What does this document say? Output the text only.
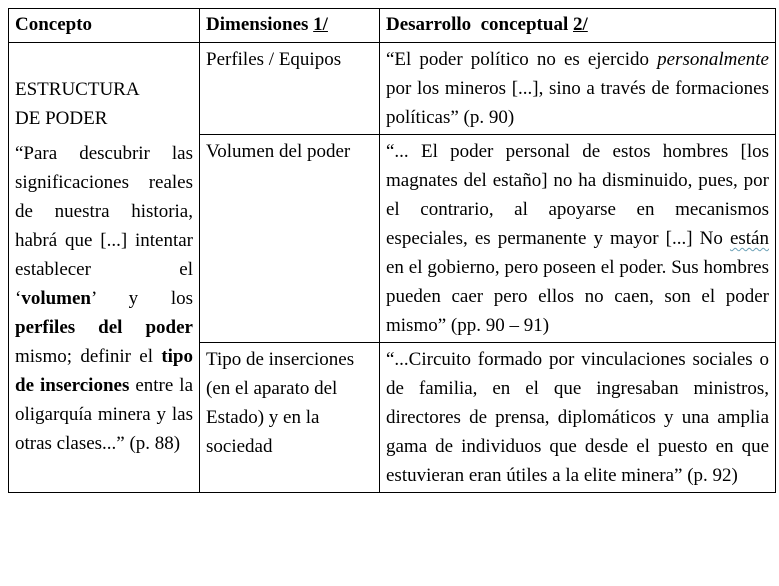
Concepto	Dimensiones 1/	Desarrollo  conceptual 2/

ESTRUCTURA
DE PODER
“Para descubrir las significaciones reales de nuestra historia, habrá que [...] intentar establecer el ‘volumen’ y los perfiles del poder mismo; definir el tipo de inserciones entre la oligarquía minera y las otras clases...” (p. 88)	Perfiles / Equipos	“El poder político no es ejercido personalmente por los mineros [...], sino a través de formaciones políticas” (p. 90)
	Volumen del poder	“... El poder personal de estos hombres [los magnates del estaño] no ha disminuido, pues, por el contrario, al apoyarse en mecanismos especiales, es permanente y mayor [...] No están en el gobierno, pero poseen el poder. Sus hombres pueden caer pero ellos no caen, son el poder mismo” (pp. 90 – 91)
	Tipo de inserciones (en el aparato del Estado) y en la sociedad	“...Circuito formado por vinculaciones sociales o de familia, en el que ingresaban ministros, directores de prensa, diplomáticos y una amplia gama de individuos que desde el puesto en que estuvieran eran útiles a la elite minera” (p. 92)
